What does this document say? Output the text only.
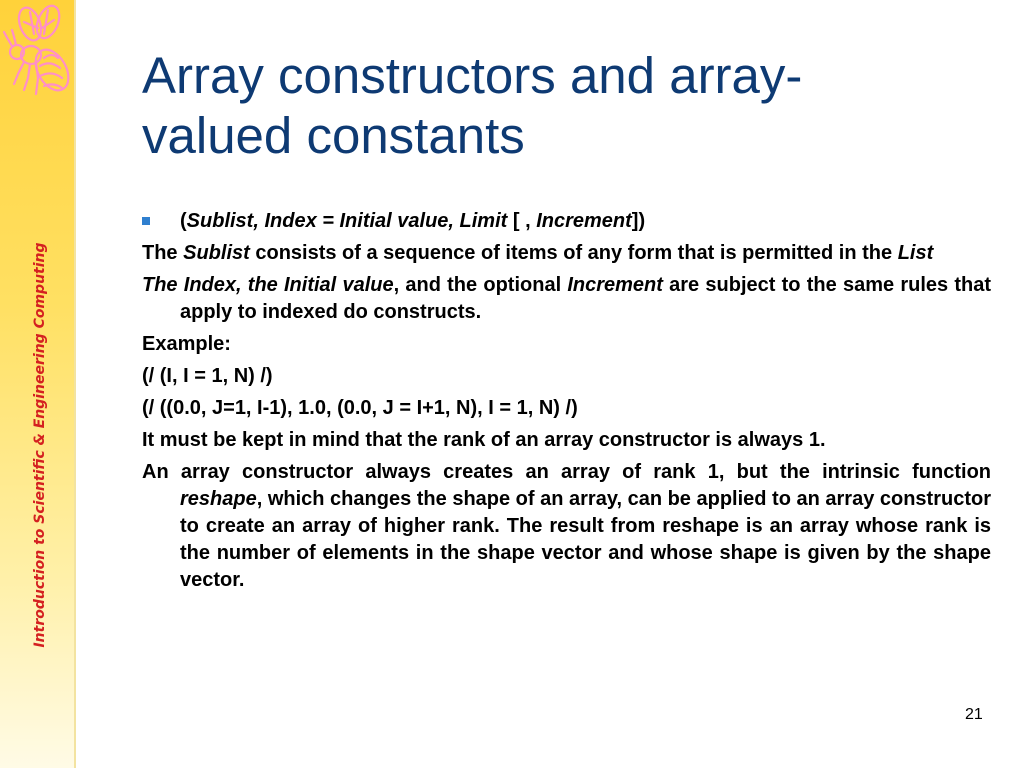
Introduction to Scientific & Engineering Computing
Array constructors and array-
valued constants

(Sublist, Index = Initial value, Limit [ , Increment])

The Sublist consists of a sequence of items of any form that is permitted in the List

The Index, the Initial value, and the optional Increment are subject to the same rules that apply to indexed do constructs.

Example:

(/ (I, I = 1, N) /)

(/ ((0.0, J=1, I-1), 1.0, (0.0, J = I+1, N), I = 1, N) /)

It must be kept in mind that the rank of an array constructor is always 1.

An array constructor always creates an array of rank 1, but the intrinsic function reshape, which changes the shape of an array, can be applied to an array constructor to create an array of higher rank. The result from reshape is an array whose rank is the number of elements in the shape vector and whose shape is given by the shape vector.

21
